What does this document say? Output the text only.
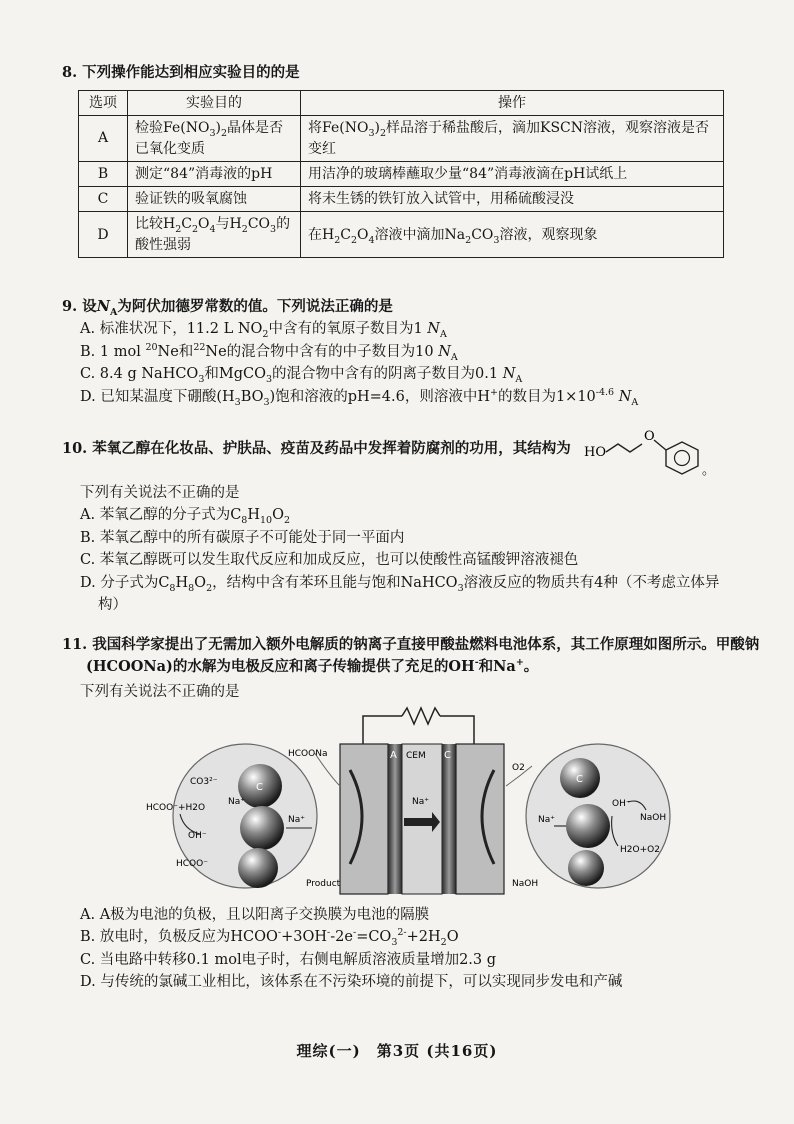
8. 下列操作能达到相应实验目的的是
选项	实验目的	操作
A	检验$Fe(NO_3)_2$晶体是否已氧化变质	将$Fe(NO_3)_2$样品溶于稀盐酸后，滴加KSCN溶液，观察溶液是否变红
B	测定“84”消毒液的pH	用洁净的玻璃棒蘸取少量“84”消毒液滴在pH试纸上
C	验证铁的吸氧腐蚀	将未生锈的铁钉放入试管中，用稀硫酸浸没
D	比较$H_2C_2O_4$与$H_2CO_3$的酸性强弱	在$H_2C_2O_4$溶液中滴加$Na_2CO_3$溶液，观察现象
9. 设$N_A$为阿伏加德罗常数的值。下列说法正确的是
A. 标准状况下，11.2 L $NO_2$中含有的氧原子数目为1 $N_A$
B. 1 mol $^{20}$Ne和$^{22}$Ne的混合物中含有的中子数目为10 $N_A$
C. 8.4 g NaHCO$_3$和MgCO$_3$的混合物中含有的阴离子数目为0.1 $N_A$
D. 已知某温度下硼酸$(H_3BO_3)$饱和溶液的pH=4.6，则溶液中H+的数目为$1\times 10^{-4.6}$ $N_A$
10. 苯氧乙醇在化妆品、护肤品、疫苗及药品中发挥着防腐剂的功用，其结构为	HO
O
。
下列有关说法不正确的是
A. 苯氧乙醇的分子式为$C_8H_{10}O_2$
B. 苯氧乙醇中的所有碳原子不可能处于同一平面内
C. 苯氧乙醇既可以发生取代反应和加成反应，也可以使酸性高锰酸钾溶液褪色
D. 分子式为$C_8H_8O_2$，结构中含有苯环且能与饱和NaHCO$_3$溶液反应的物质共有4种（不考虑立体异构）
11. 我国科学家提出了无需加入额外电解质的钠离子直接甲酸盐燃料电池体系，其工作原理如图所示。甲酸钠(HCOONa)的水解为电极反应和离子传输提供了充足的OH-和Na+。
下列有关说法不正确的是
C
CO3²⁻
HCOO⁻+H2O
OH⁻
HCOO⁻
Na⁺
Na⁺
HCOONa	A CEM C
O2
Na⁺
Product	NaOH
C
Na⁺
OH⁻
NaOH
H2O+O2
A. A极为电池的负极，且以阳离子交换膜为电池的隔膜
B. 放电时，负极反应为$HCOO^-+3OH^--2e^-=CO_3^{2-}+2H_2O$
C. 当电路中转移0.1 mol电子时，右侧电解质溶液质量增加2.3 g
D. 与传统的氯碱工业相比，该体系在不污染环境的前提下，可以实现同步发电和产碱
理综(一)　第3页 (共16页)
